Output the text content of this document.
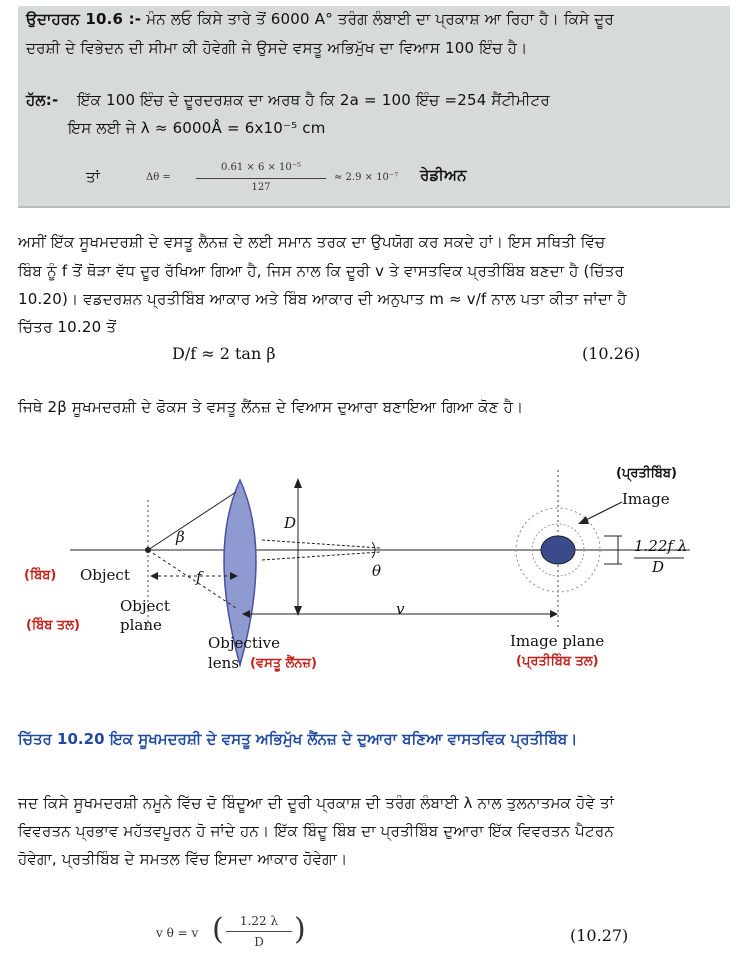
ਉਦਾਹਰਨ 10.6 :- ਮੰਨ ਲਓ ਕਿਸੇ ਤਾਰੇ ਤੋਂ 6000 A° ਤਰੰਗ ਲੰਬਾਈ ਦਾ ਪ੍ਰਕਾਸ਼ ਆ ਰਿਹਾ ਹੈ। ਕਿਸੇ ਦੂਰ
ਦਰਸ਼ੀ ਦੇ ਵਿਭੇਦਨ ਦੀ ਸੀਮਾ ਕੀ ਹੋਵੇਗੀ ਜੇ ਉਸਦੇ ਵਸਤੂ ਅਭਿਮੁੱਖ ਦਾ ਵਿਆਸ 100 ਇੰਚ ਹੈ।
ਹੱਲ:- ਇੱਕ 100 ਇੰਚ ਦੇ ਦੂਰਦਰਸ਼ਕ ਦਾ ਅਰਥ ਹੈ ਕਿ 2a = 100 ਇੰਚ =254 ਸੈਂਟੀਮੀਟਰ
ਇਸ ਲਈ ਜੇ λ ≈ 6000Å = 6x10⁻⁵ cm
ਤਾਂ	Δθ =
0.61 × 6 × 10⁻⁵
127
≈ 2.9 × 10⁻⁷ ਰੇਡੀਅਨ
ਅਸੀਂ ਇੱਕ ਸੂਖਮਦਰਸ਼ੀ ਦੇ ਵਸਤੂ ਲੈਨਜ਼ ਦੇ ਲਈ ਸਮਾਨ ਤਰਕ ਦਾ ਉਪਯੋਗ ਕਰ ਸਕਦੇ ਹਾਂ। ਇਸ ਸਥਿਤੀ ਵਿੱਚ
ਬਿੰਬ ਨੂੰ f ਤੋਂ ਥੋੜਾ ਵੱਧ ਦੂਰ ਰੱਖਿਆ ਗਿਆ ਹੈ, ਜਿਸ ਨਾਲ ਕਿ ਦੂਰੀ v ਤੇ ਵਾਸਤਵਿਕ ਪ੍ਰਤੀਬਿੰਬ ਬਣਦਾ ਹੈ (ਚਿੱਤਰ
10.20)। ਵਡਦਰਸ਼ਨ ਪ੍ਰਤੀਬਿੰਬ ਆਕਾਰ ਅਤੇ ਬਿੰਬ ਆਕਾਰ ਦੀ ਅਨੁਪਾਤ m ≈ v/f ਨਾਲ ਪਤਾ ਕੀਤਾ ਜਾਂਦਾ ਹੈ
ਚਿੱਤਰ 10.20 ਤੋਂ
D/f ≈ 2 tan β	(10.26)
ਜਿਥੇ 2β ਸੂਖਮਦਰਸ਼ੀ ਦੇ ਫੋਕਸ ਤੇ ਵਸਤੂ ਲੈਂਨਜ਼ ਦੇ ਵਿਆਸ ਦੁਆਰਾ ਬਣਾਇਆ ਗਿਆ ਕੋਣ ਹੈ।
(ਪ੍ਰਤੀਬਿੰਬ)
Image
β
D
θ
f
v
(ਬਿੰਬ) Object
Object
(ਬਿੰਬ ਤਲ)	plane
Objective
lens (ਵਸਤੂ ਲੈਂਨਜ਼)
Image plane
(ਪ੍ਰਤੀਬਿੰਬ ਤਲ)
1.22f λ
D
ਚਿੱਤਰ 10.20 ਇਕ ਸੂਖਮਦਰਸ਼ੀ ਦੇ ਵਸਤੂ ਅਭਿਮੁੱਖ ਲੈਂਨਜ਼ ਦੇ ਦੁਆਰਾ ਬਣਿਆ ਵਾਸਤਵਿਕ ਪ੍ਰਤੀਬਿੰਬ।
ਜਦ ਕਿਸੇ ਸੂਖਮਦਰਸ਼ੀ ਨਮੂਨੇ ਵਿੱਚ ਦੋ ਬਿੰਦੂਆ ਦੀ ਦੂਰੀ ਪ੍ਰਕਾਸ਼ ਦੀ ਤਰੰਗ ਲੰਬਾਈ λ ਨਾਲ ਤੁਲਨਾਤਮਕ ਹੋਵੇ ਤਾਂ
ਵਿਵਰਤਨ ਪ੍ਰਭਾਵ ਮਹੱਤਵਪੂਰਨ ਹੋ ਜਾਂਦੇ ਹਨ। ਇੱਕ ਬਿੰਦੂ ਬਿੰਬ ਦਾ ਪ੍ਰਤੀਬਿੰਬ ਦੁਆਰਾ ਇੱਕ ਵਿਵਰਤਨ ਪੈਟਰਨ
ਹੋਵੇਗਾ, ਪ੍ਰਤੀਬਿੰਬ ਦੇ ਸਮਤਲ ਵਿੱਚ ਇਸਦਾ ਆਕਾਰ ਹੋਵੇਗਾ।
v θ = v (	1.22 λ
D	)	(10.27)
